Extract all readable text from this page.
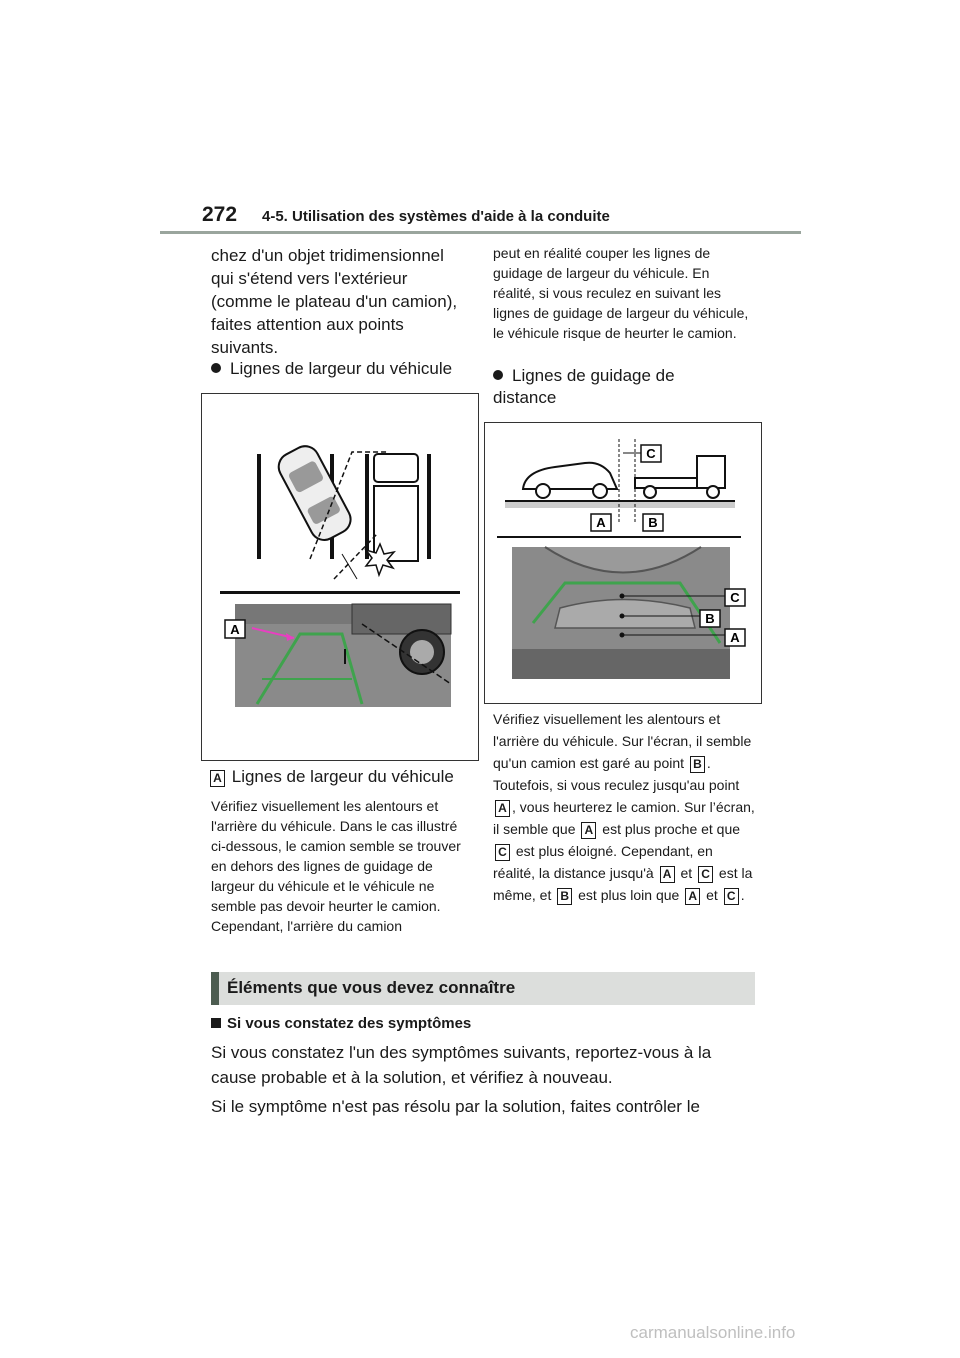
272 4-5. Utilisation des systèmes d'aide à la conduite
chez d'un objet tridimensionnel qui s'étend vers l'extérieur (comme le plateau d'un camion), faites attention aux points suivants.
Lignes de largeur du véhicule
A
A Lignes de largeur du véhicule
Vérifiez visuellement les alentours et l'arrière du véhicule. Dans le cas illustré ci-dessous, le camion semble se trouver en dehors des lignes de guidage de largeur du véhicule et le véhicule ne semble pas devoir heurter le camion. Cependant, l'arrière du camion
peut en réalité couper les lignes de guidage de largeur du véhicule. En réalité, si vous reculez en suivant les lignes de guidage de largeur du véhicule, le véhicule risque de heurter le camion.
Lignes de guidage de distance
C
A	B
C
B
A
Vérifiez visuellement les alentours et l'arrière du véhicule. Sur l'écran, il semble qu'un camion est garé au point B . Toutefois, si vous reculez jusqu'au point A , vous heurterez le camion. Sur l’écran, il semble que A est plus proche et que C est plus éloigné. Cependant, en réalité, la distance jusqu'à A et C est la même, et B est plus loin que A et C .
Éléments que vous devez connaître
Si vous constatez des symptômes
Si vous constatez l'un des symptômes suivants, reportez-vous à la cause probable et à la solution, et vérifiez à nouveau.
Si le symptôme n'est pas résolu par la solution, faites contrôler le
carmanualsonline.info
